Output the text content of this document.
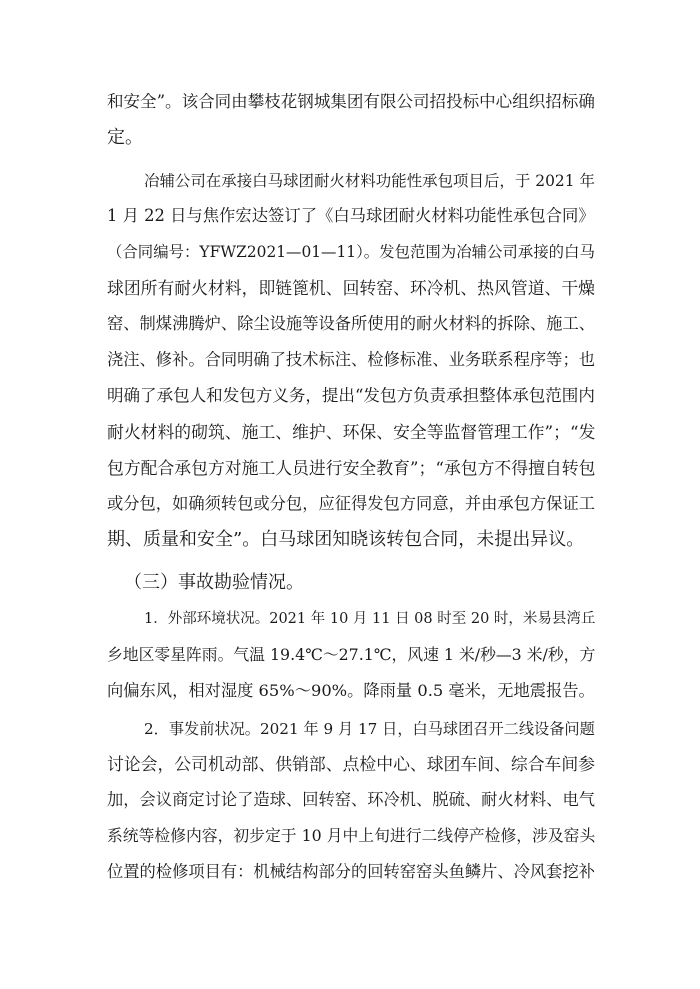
和安全”。该合同由攀枝花钢城集团有限公司招投标中心组织招标确
定。
冶辅公司在承接白马球团耐火材料功能性承包项目后，于 2021 年
1 月 22 日与焦作宏达签订了《白马球团耐火材料功能性承包合同》
（合同编号：YFWZ2021—01—11）。发包范围为冶辅公司承接的白马
球团所有耐火材料，即链篦机、回转窑、环冷机、热风管道、干燥
窑、制煤沸腾炉、除尘设施等设备所使用的耐火材料的拆除、施工、
浇注、修补。合同明确了技术标注、检修标准、业务联系程序等；也
明确了承包人和发包方义务，提出“发包方负责承担整体承包范围内
耐火材料的砌筑、施工、维护、环保、安全等监督管理工作”；“发
包方配合承包方对施工人员进行安全教育”；“承包方不得擅自转包
或分包，如确须转包或分包，应征得发包方同意，并由承包方保证工
期、质量和安全”。白马球团知晓该转包合同，未提出异议。
（三）事故勘验情况。
1．外部环境状况。2021 年 10 月 11 日 08 时至 20 时，米易县湾丘
乡地区零星阵雨。气温 19.4℃～27.1℃，风速 1 米/秒—3 米/秒，方
向偏东风，相对湿度 65%～90%。降雨量 0.5 毫米，无地震报告。
2．事发前状况。2021 年 9 月 17 日，白马球团召开二线设备问题
讨论会，公司机动部、供销部、点检中心、球团车间、综合车间参
加，会议商定讨论了造球、回转窑、环冷机、脱硫、耐火材料、电气
系统等检修内容，初步定于 10 月中上旬进行二线停产检修，涉及窑头
位置的检修项目有：机械结构部分的回转窑窑头鱼鳞片、冷风套挖补
